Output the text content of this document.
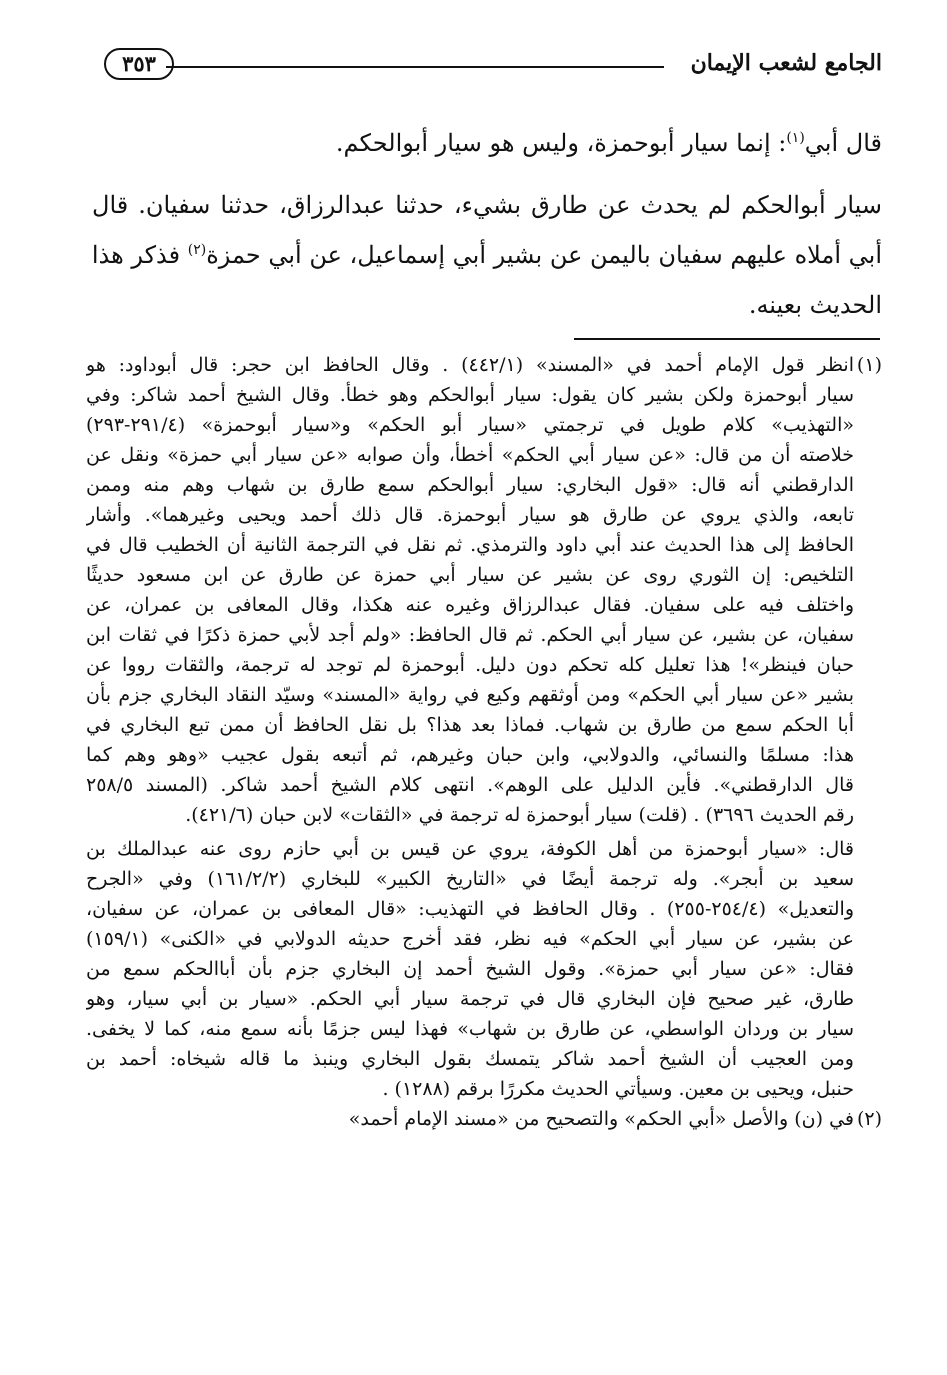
٣٥٣	الجامع لشعب الإيمان
قال أبي$^{(١)}$: إنما سيار أبوحمزة، وليس هو سيار أبوالحكم.
سيار أبوالحكم لم يحدث عن طارق بشيء، حدثنا عبدالرزاق، حدثنا سفيان. قال
أبي أملاه عليهم سفيان باليمن عن بشير أبي إسماعيل، عن أبي حمزة$^{(٢)}$ فذكر هذا
الحديث بعينه.
(١)انظر قول الإمام أحمد في «المسند» (٤٤٢/١) . وقال الحافظ ابن حجر: قال أبوداود: هو
سيار أبوحمزة ولكن بشير كان يقول: سيار أبوالحكم وهو خطأ. وقال الشيخ أحمد شاكر: وفي
«التهذيب» كلام طويل في ترجمتي «سيار أبو الحكم» و«سيار أبوحمزة» (٢٩١/٤-٢٩٣)
خلاصته أن من قال: «عن سيار أبي الحكم» أخطأ، وأن صوابه «عن سيار أبي حمزة» ونقل عن
الدارقطني أنه قال: «قول البخاري: سيار أبوالحكم سمع طارق بن شهاب وهم منه وممن
تابعه، والذي يروي عن طارق هو سيار أبوحمزة. قال ذلك أحمد ويحيى وغيرهما». وأشار
الحافظ إلى هذا الحديث عند أبي داود والترمذي. ثم نقل في الترجمة الثانية أن الخطيب قال في
التلخيص: إن الثوري روى عن بشير عن سيار أبي حمزة عن طارق عن ابن مسعود حديثًا
واختلف فيه على سفيان. فقال عبدالرزاق وغيره عنه هكذا، وقال المعافى بن عمران، عن
سفيان، عن بشير، عن سيار أبي الحكم. ثم قال الحافظ: «ولم أجد لأبي حمزة ذكرًا في ثقات ابن
حبان فينظر»! هذا تعليل كله تحكم دون دليل. أبوحمزة لم توجد له ترجمة، والثقات رووا عن
بشير «عن سيار أبي الحكم» ومن أوثقهم وكيع في رواية «المسند» وسيّد النقاد البخاري جزم بأن
أبا الحكم سمع من طارق بن شهاب. فماذا بعد هذا؟ بل نقل الحافظ أن ممن تبع البخاري في
هذا: مسلمًا والنسائي، والدولابي، وابن حبان وغيرهم، ثم أتبعه بقول عجيب «وهو وهم كما
قال الدارقطني». فأين الدليل على الوهم». انتهى كلام الشيخ أحمد شاكر. (المسند ٢٥٨/٥
رقم الحديث ٣٦٩٦) . (قلت) سيار أبوحمزة له ترجمة في «الثقات» لابن حبان (٤٢١/٦).
قال: «سيار أبوحمزة من أهل الكوفة، يروي عن قيس بن أبي حازم روى عنه عبدالملك بن
سعيد بن أبجر». وله ترجمة أيضًا في «التاريخ الكبير» للبخاري (١٦١/٢/٢) وفي «الجرح
والتعديل» (٢٥٤/٤-٢٥٥) . وقال الحافظ في التهذيب: «قال المعافى بن عمران، عن سفيان،
عن بشير، عن سيار أبي الحكم» فيه نظر، فقد أخرج حديثه الدولابي في «الكنى» (١٥٩/١)
فقال: «عن سيار أبي حمزة». وقول الشيخ أحمد إن البخاري جزم بأن أباالحكم سمع من
طارق، غير صحيح فإن البخاري قال في ترجمة سيار أبي الحكم. «سيار بن أبي سيار، وهو
سيار بن وردان الواسطي، عن طارق بن شهاب» فهذا ليس جزمًا بأنه سمع منه، كما لا يخفى.
ومن العجيب أن الشيخ أحمد شاكر يتمسك بقول البخاري وينبذ ما قاله شيخاه: أحمد بن
حنبل، ويحيى بن معين. وسيأتي الحديث مكررًا برقم (١٢٨٨) .
(٢)في (ن) والأصل «أبي الحكم» والتصحيح من «مسند الإمام أحمد»
